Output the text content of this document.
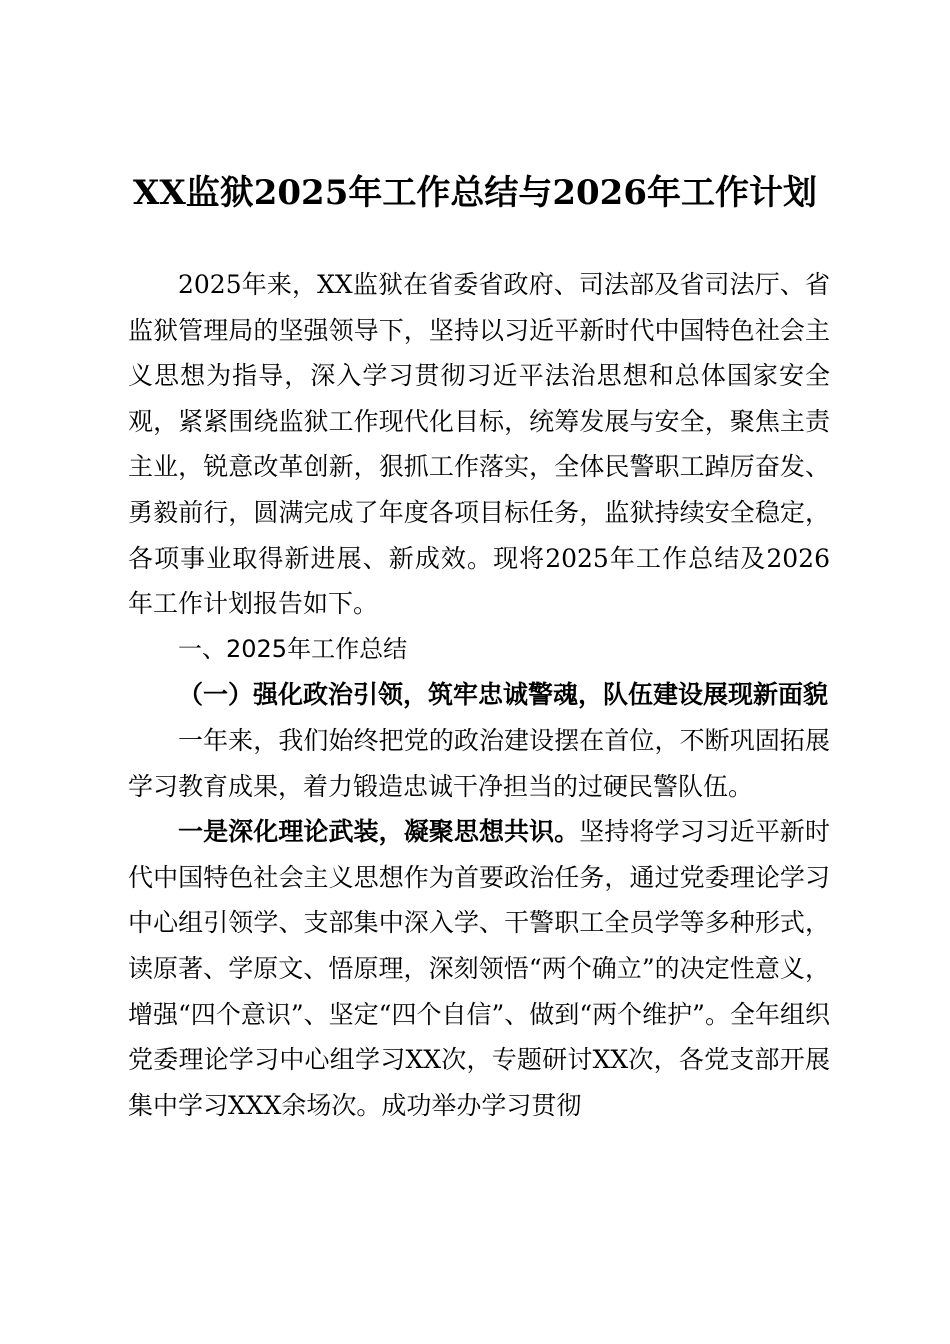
XX监狱2025年工作总结与2026年工作计划

2025年来，XX监狱在省委省政府、司法部及省司法厅、省监狱管理局的坚强领导下，坚持以习近平新时代中国特色社会主义思想为指导，深入学习贯彻习近平法治思想和总体国家安全观，紧紧围绕监狱工作现代化目标，统筹发展与安全，聚焦主责主业，锐意改革创新，狠抓工作落实，全体民警职工踔厉奋发、勇毅前行，圆满完成了年度各项目标任务，监狱持续安全稳定，各项事业取得新进展、新成效。现将2025年工作总结及2026年工作计划报告如下。

一、2025年工作总结

（一）强化政治引领，筑牢忠诚警魂，队伍建设展现新面貌

一年来，我们始终把党的政治建设摆在首位，不断巩固拓展学习教育成果，着力锻造忠诚干净担当的过硬民警队伍。

一是深化理论武装，凝聚思想共识。坚持将学习习近平新时代中国特色社会主义思想作为首要政治任务，通过党委理论学习中心组引领学、支部集中深入学、干警职工全员学等多种形式，读原著、学原文、悟原理，深刻领悟“两个确立”的决定性意义，增强“四个意识”、坚定“四个自信”、做到“两个维护”。全年组织党委理论学习中心组学习XX次，专题研讨XX次，各党支部开展集中学习XXX余场次。成功举办学习贯彻
